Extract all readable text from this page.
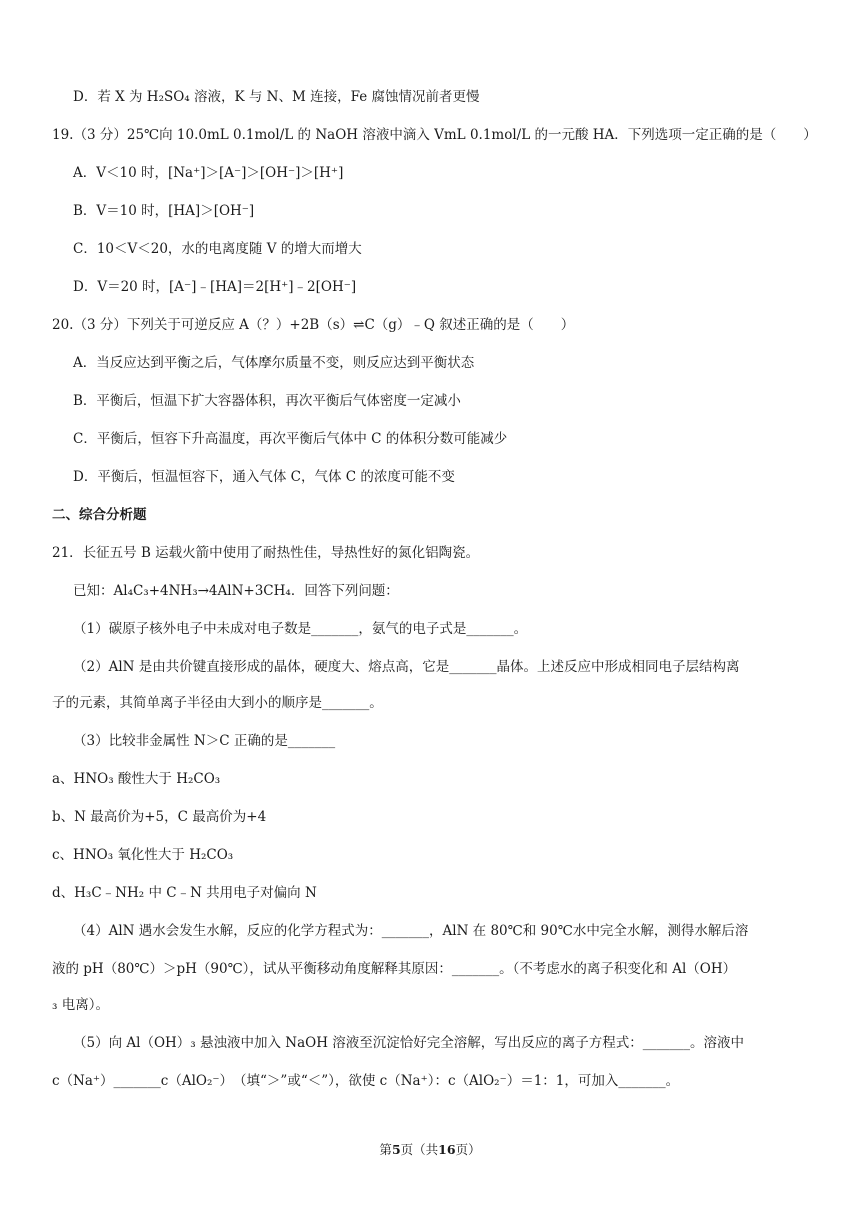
D．若 X 为 H₂SO₄ 溶液，K 与 N、M 连接，Fe 腐蚀情况前者更慢
19.（3 分）25℃向 10.0mL 0.1mol/L 的 NaOH 溶液中滴入 VmL 0.1mol/L 的一元酸 HA．下列选项一定正确的是（　　）
A．V＜10 时，[Na⁺]＞[A⁻]＞[OH⁻]＞[H⁺]
B．V＝10 时，[HA]＞[OH⁻]
C．10＜V＜20，水的电离度随 V 的增大而增大
D．V＝20 时，[A⁻]﹣[HA]＝2[H⁺]﹣2[OH⁻]
20.（3 分）下列关于可逆反应 A（？）+2B（s）⇌C（g）﹣Q 叙述正确的是（　　）
A．当反应达到平衡之后，气体摩尔质量不变，则反应达到平衡状态
B．平衡后，恒温下扩大容器体积，再次平衡后气体密度一定减小
C．平衡后，恒容下升高温度，再次平衡后气体中 C 的体积分数可能减少
D．平衡后，恒温恒容下，通入气体 C，气体 C 的浓度可能不变
二、综合分析题
21．长征五号 B 运载火箭中使用了耐热性佳，导热性好的氮化铝陶瓷。
已知：Al₄C₃+4NH₃→4AlN+3CH₄．回答下列问题：
（1）碳原子核外电子中未成对电子数是_______，氨气的电子式是_______。
（2）AlN 是由共价键直接形成的晶体，硬度大、熔点高，它是_______晶体。上述反应中形成相同电子层结构离
子的元素，其简单离子半径由大到小的顺序是_______。
（3）比较非金属性 N＞C 正确的是_______
a、HNO₃ 酸性大于 H₂CO₃
b、N 最高价为+5，C 最高价为+4
c、HNO₃ 氧化性大于 H₂CO₃
d、H₃C﹣NH₂ 中 C﹣N 共用电子对偏向 N
（4）AlN 遇水会发生水解，反应的化学方程式为：_______，AlN 在 80℃和 90℃水中完全水解，测得水解后溶
液的 pH（80℃）＞pH（90℃），试从平衡移动角度解释其原因：_______。（不考虑水的离子积变化和 Al（OH）
₃ 电离）。
（5）向 Al（OH）₃ 悬浊液中加入 NaOH 溶液至沉淀恰好完全溶解，写出反应的离子方程式：_______。溶液中
c（Na⁺）_______c（AlO₂⁻）　（填“＞”或“＜”），欲使 c（Na⁺）：c（AlO₂⁻）＝1：1，可加入_______。
第5页（共16页）
